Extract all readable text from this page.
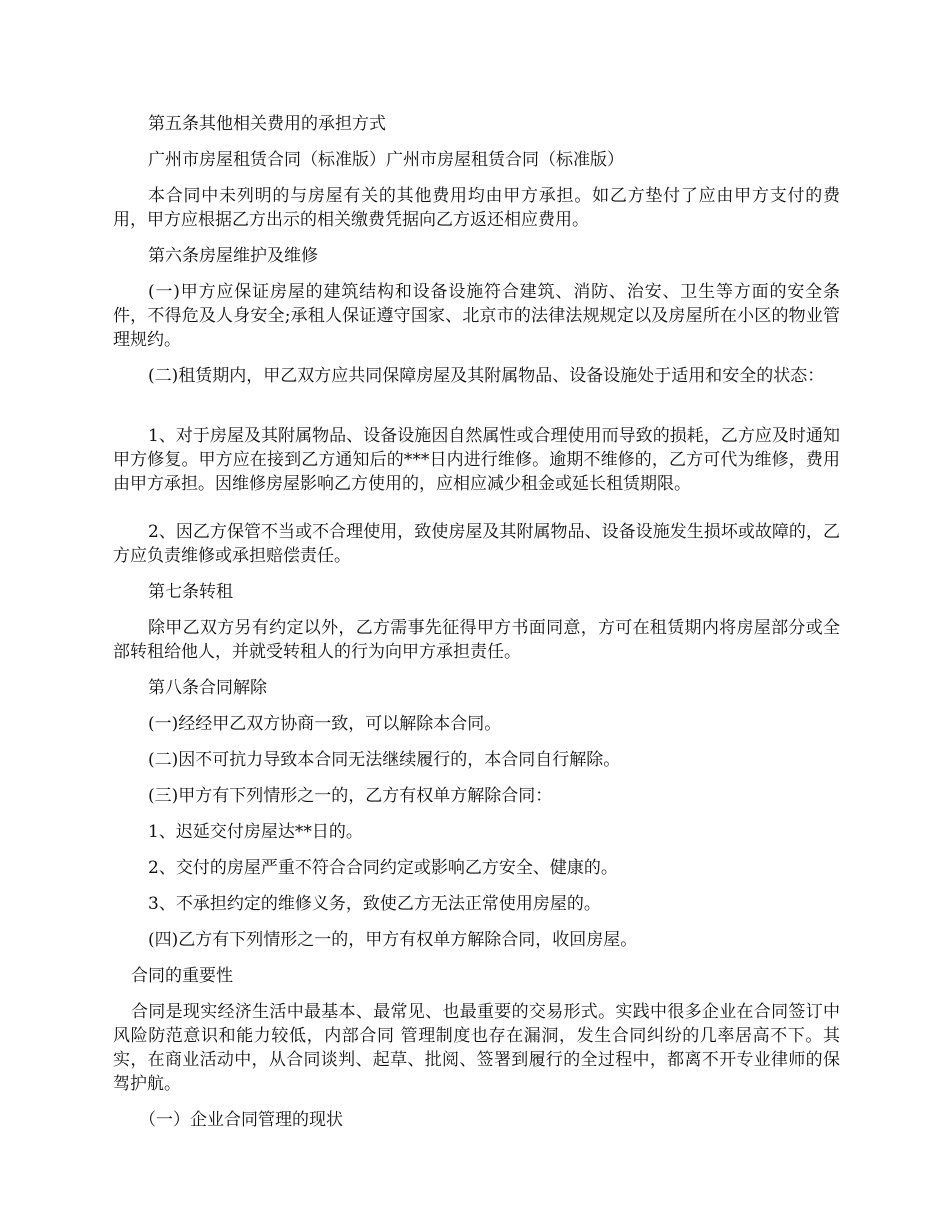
第五条其他相关费用的承担方式

广州市房屋租赁合同（标准版）广州市房屋租赁合同（标准版）

本合同中未列明的与房屋有关的其他费用均由甲方承担。如乙方垫付了应由甲方支付的费用，甲方应根据乙方出示的相关缴费凭据向乙方返还相应费用。

第六条房屋维护及维修

(一)甲方应保证房屋的建筑结构和设备设施符合建筑、消防、治安、卫生等方面的安全条件，不得危及人身安全;承租人保证遵守国家、北京市的法律法规规定以及房屋所在小区的物业管理规约。

(二)租赁期内，甲乙双方应共同保障房屋及其附属物品、设备设施处于适用和安全的状态：

1、对于房屋及其附属物品、设备设施因自然属性或合理使用而导致的损耗，乙方应及时通知甲方修复。甲方应在接到乙方通知后的***日内进行维修。逾期不维修的，乙方可代为维修，费用由甲方承担。因维修房屋影响乙方使用的，应相应减少租金或延长租赁期限。

2、因乙方保管不当或不合理使用，致使房屋及其附属物品、设备设施发生损坏或故障的，乙方应负责维修或承担赔偿责任。

第七条转租

除甲乙双方另有约定以外，乙方需事先征得甲方书面同意，方可在租赁期内将房屋部分或全部转租给他人，并就受转租人的行为向甲方承担责任。

第八条合同解除

(一)经经甲乙双方协商一致，可以解除本合同。

(二)因不可抗力导致本合同无法继续履行的，本合同自行解除。

(三)甲方有下列情形之一的，乙方有权单方解除合同：

1、迟延交付房屋达**日的。

2、交付的房屋严重不符合合同约定或影响乙方安全、健康的。

3、不承担约定的维修义务，致使乙方无法正常使用房屋的。

(四)乙方有下列情形之一的，甲方有权单方解除合同，收回房屋。

合同的重要性

合同是现实经济生活中最基本、最常见、也最重要的交易形式。实践中很多企业在合同签订中 风险防范意识和能力较低，内部合同 管理制度也存在漏洞，发生合同纠纷的几率居高不下。其实，在商业活动中，从合同谈判、起草、批阅、签署到履行的全过程中，都离不开专业律师的保驾护航。

（一）企业合同管理的现状
